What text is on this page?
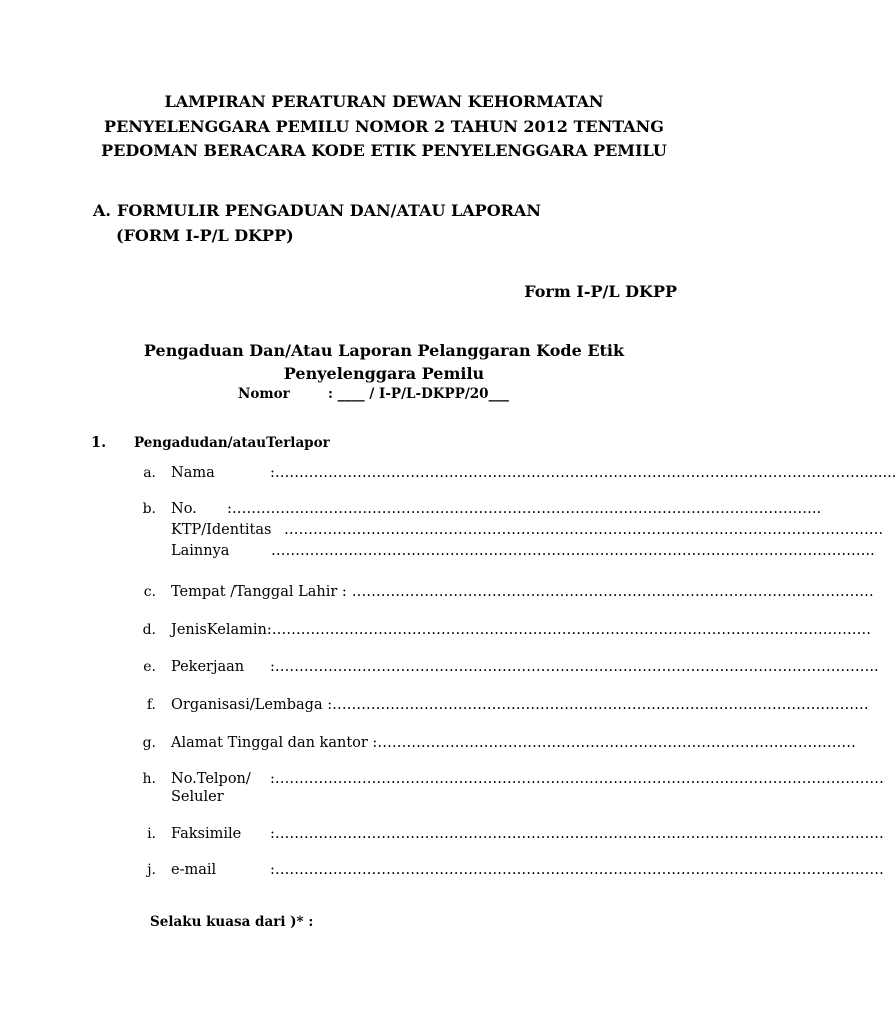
LAMPIRAN PERATURAN DEWAN KEHORMATAN
PENYELENGGARA PEMILU NOMOR 2 TAHUN 2012 TENTANG
PEDOMAN BERACARA KODE ETIK PENYELENGGARA PEMILU
A. FORMULIR PENGADUAN DAN/ATAU LAPORAN
(FORM I-P/L DKPP)
Form I-P/L DKPP
Pengaduan Dan/Atau Laporan Pelanggaran Kode Etik
Penyelenggara Pemilu
Nomor	: ____ / I-P/L-DKPP/20___
1. Pengadudan/atauTerlapor
a. Nama	:………………………………………………………………………………………………………….........
b. No.	:…………………………………………………………………………………………………………..
KTP/Identitas …………………………………………………………………………………………………………….
Lainnya	……………………………………………………………………………………………………………..
c. Tempat /Tanggal Lahir : ………………………………………………………………………………………………
d. JenisKelamin: …………………………………………………………………………………………………………….
e. Pekerjaan	:……………………………………………………………………………………………………………..
f. Organisasi/Lembaga : …………………………………………………………………………………………………
g. Alamat Tinggal dan kantor : ………………………………………………………………………………………
h. No.Telpon/	:………………………………………………………………………………………………………………
Seluler
i. Faksimile	:………………………………………………………………………………………………………………
j. e-mail	:………………………………………………………………………………………………………………
Selaku kuasa dari )* :
